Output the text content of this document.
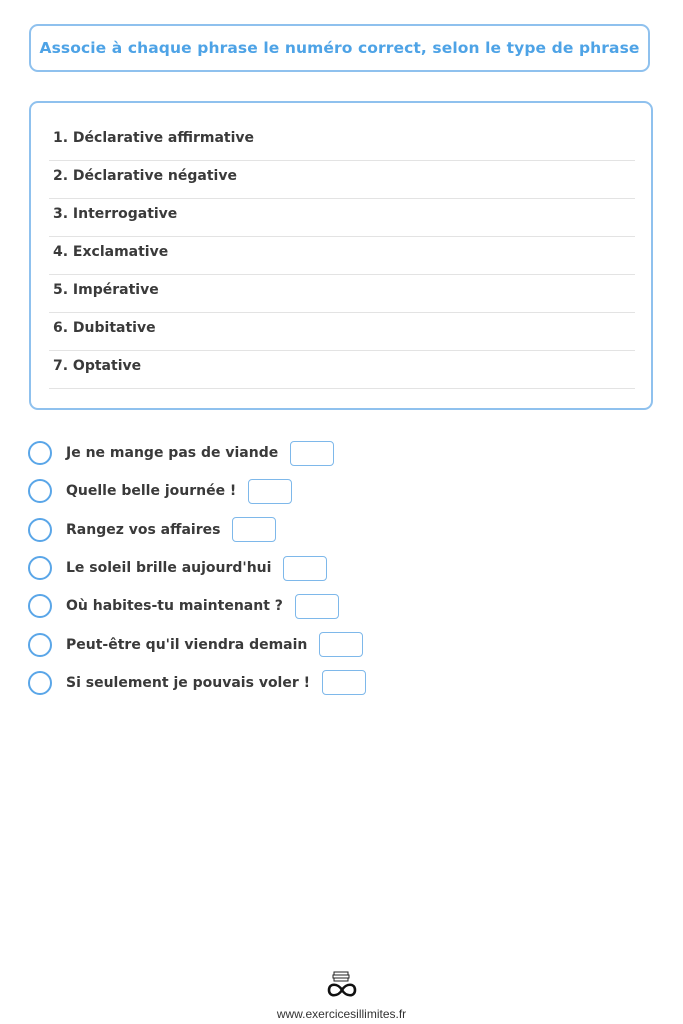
Associe à chaque phrase le numéro correct, selon le type de phrase
1. Déclarative affirmative
2. Déclarative négative
3. Interrogative
4. Exclamative
5. Impérative
6. Dubitative
7. Optative
Je ne mange pas de viande
Quelle belle journée !
Rangez vos affaires
Le soleil brille aujourd'hui
Où habites-tu maintenant ?
Peut-être qu'il viendra demain
Si seulement je pouvais voler !
www.exercicesillimites.fr
